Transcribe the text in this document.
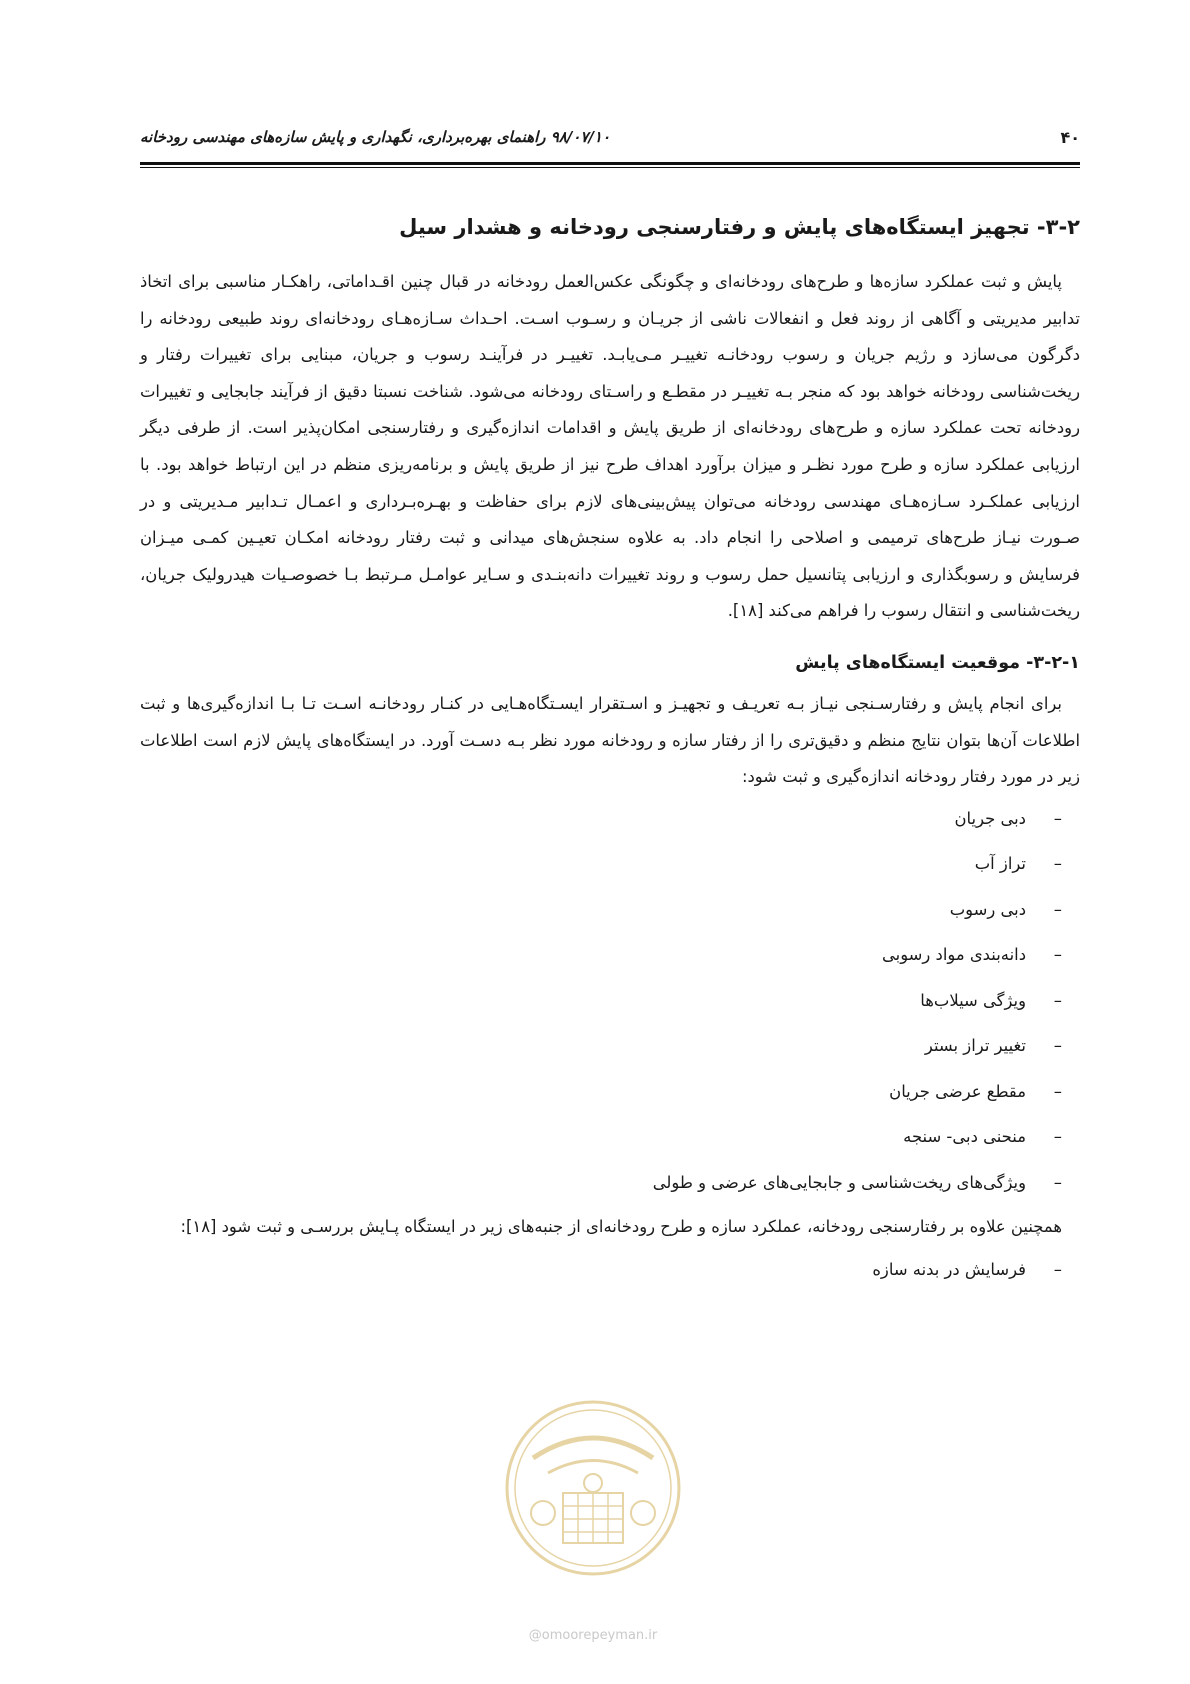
۴۰
۹۸/۰۷/۱۰ راهنمای بهره‌برداری، نگهداری و پایش سازه‌های مهندسی رودخانه
۳-۲- تجهیز ایستگاه‌های پایش و رفتارسنجی رودخانه و هشدار سیل

پایش و ثبت عملکرد سازه‌ها و طرح‌های رودخانه‌ای و چگونگی عکس‌العمل رودخانه در قبال چنین اقـداماتی، راهکـار مناسبی برای اتخاذ تدابیر مدیریتی و آگاهی از روند فعل و انفعالات ناشی از جریـان و رسـوب اسـت. احـداث سـازه‌هـای رودخانه‌ای روند طبیعی رودخانه را دگرگون می‌سازد و رژیم جریان و رسوب رودخانـه تغییـر مـی‌یابـد. تغییـر در فرآینـد رسوب و جریان، مبنایی برای تغییرات رفتار و ریخت‌شناسی رودخانه خواهد بود که منجر بـه تغییـر در مقطـع و راسـتای رودخانه می‌شود. شناخت نسبتا دقیق از فرآیند جابجایی و تغییرات رودخانه تحت عملکرد سازه و طرح‌های رودخانه‌ای از طریق پایش و اقدامات اندازه‌گیری و رفتارسنجی امکان‌پذیر است. از طرفی دیگر ارزیابی عملکرد سازه و طرح مورد نظـر و میزان برآورد اهداف طرح نیز از طریق پایش و برنامه‌ریزی منظم در این ارتباط خواهد بود. با ارزیابی عملکـرد سـازه‌هـای مهندسی رودخانه می‌توان پیش‌بینی‌های لازم برای حفاظت و بهـره‌بـرداری و اعمـال تـدابیر مـدیریتی و در صـورت نیـاز طرح‌های ترمیمی و اصلاحی را انجام داد. به علاوه سنجش‌های میدانی و ثبت رفتار رودخانه امکـان تعیـین کمـی میـزان فرسایش و رسوبگذاری و ارزیابی پتانسیل حمل رسوب و روند تغییرات دانه‌بنـدی و سـایر عوامـل مـرتبط بـا خصوصـیات هیدرولیک جریان، ریخت‌شناسی و انتقال رسوب را فراهم می‌کند [۱۸].

۳-۲-۱- موقعیت ایستگاه‌های پایش

برای انجام پایش و رفتارسـنجی نیـاز بـه تعریـف و تجهیـز و اسـتقرار ایسـتگاه‌هـایی در کنـار رودخانـه اسـت تـا بـا اندازه‌گیری‌ها و ثبت اطلاعات آن‌ها بتوان نتایج منظم و دقیق‌تری را از رفتار سازه و رودخانه مورد نظر بـه دسـت آورد. در ایستگاه‌های پایش لازم است اطلاعات زیر در مورد رفتار رودخانه اندازه‌گیری و ثبت شود:

–دبی جریان
–تراز آب
–دبی رسوب
–دانه‌بندی مواد رسوبی
–ویژگی سیلاب‌ها
–تغییر تراز بستر
–مقطع عرضی جریان
–منحنی دبی- سنجه
–ویژگی‌های ریخت‌شناسی و جابجایی‌های عرضی و طولی

همچنین علاوه بر رفتارسنجی رودخانه، عملکرد سازه و طرح رودخانه‌ای از جنبه‌های زیر در ایستگاه پـایش بررسـی و ثبت شود [۱۸]:

–فرسایش در بدنه سازه
@omoorepeyman.ir
